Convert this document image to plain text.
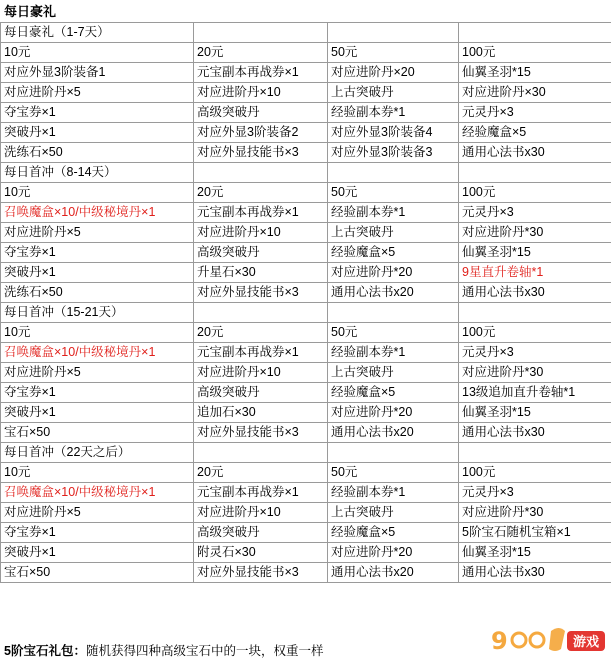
每日豪礼
每日豪礼（1-7天）			
10元	20元	50元	100元
对应外显3阶装备1	元宝副本再战券×1	对应进阶丹×20	仙翼圣羽*15
对应进阶丹×5	对应进阶丹×10	上古突破丹	对应进阶丹×30
夺宝券×1	高级突破丹	经验副本券*1	元灵丹×3
突破丹×1	对应外显3阶装备2	对应外显3阶装备4	经验魔盒×5
洗练石×50	对应外显技能书×3	对应外显3阶装备3	通用心法书x30
每日首冲（8-14天）			
10元	20元	50元	100元
召唤魔盒×10/中级秘境丹×1	元宝副本再战券×1	经验副本券*1	元灵丹×3
对应进阶丹×5	对应进阶丹×10	上古突破丹	对应进阶丹*30
夺宝券×1	高级突破丹	经验魔盒×5	仙翼圣羽*15
突破丹×1	升星石×30	对应进阶丹*20	9星直升卷轴*1
洗练石×50	对应外显技能书×3	通用心法书x20	通用心法书x30
每日首冲（15-21天）			
10元	20元	50元	100元
召唤魔盒×10/中级秘境丹×1	元宝副本再战券×1	经验副本券*1	元灵丹×3
对应进阶丹×5	对应进阶丹×10	上古突破丹	对应进阶丹*30
夺宝券×1	高级突破丹	经验魔盒×5	13级追加直升卷轴*1
突破丹×1	追加石×30	对应进阶丹*20	仙翼圣羽*15
宝石×50	对应外显技能书×3	通用心法书x20	通用心法书x30
每日首冲（22天之后）			
10元	20元	50元	100元
召唤魔盒×10/中级秘境丹×1	元宝副本再战券×1	经验副本券*1	元灵丹×3
对应进阶丹×5	对应进阶丹×10	上古突破丹	对应进阶丹*30
夺宝券×1	高级突破丹	经验魔盒×5	5阶宝石随机宝箱×1
突破丹×1	附灵石×30	对应进阶丹*20	仙翼圣羽*15
宝石×50	对应外显技能书×3	通用心法书x20	通用心法书x30
5阶宝石礼包：随机获得四种高级宝石中的一块，权重一样	9	游戏
